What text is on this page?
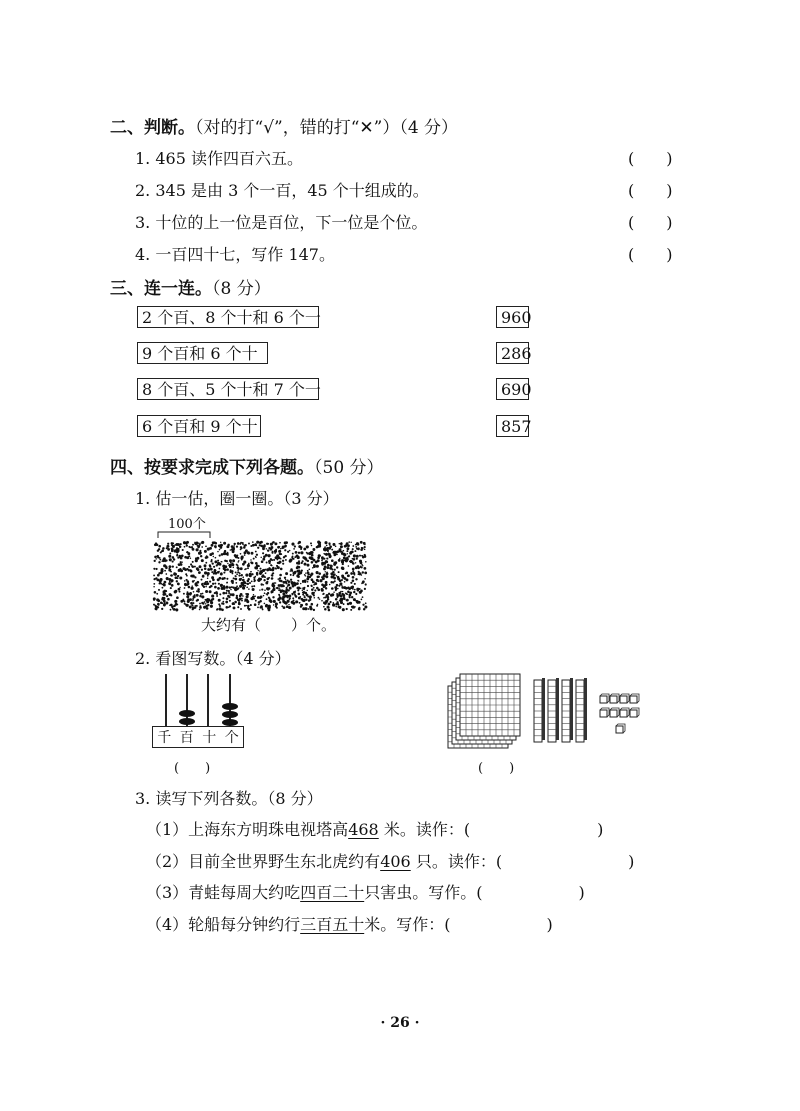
二、判断。（对的打“√”，错的打“✕”）（4 分）
1. 465 读作四百六五。	(　　)
2. 345 是由 3 个一百，45 个十组成的。	(　　)
3. 十位的上一位是百位，下一位是个位。	(　　)
4. 一百四十七，写作 147。	(　　)
三、连一连。（8 分）
2 个百、8 个十和 6 个一
9 个百和 6 个十
8 个百、5 个十和 7 个一
6 个百和 9 个十
960
286
690
857
四、按要求完成下列各题。（50 分）
1. 估一估，圈一圈。（3 分）
100个
大约有（　　）个。
2. 看图写数。（4 分）
千 百 十 个
(　　)	(　　)
3. 读写下列各数。（8 分）
（1）上海东方明珠电视塔高468 米。读作：(	)
（2）目前全世界野生东北虎约有406 只。读作：(	)
（3）青蛙每周大约吃四百二十只害虫。写作。(	)
（4）轮船每分钟约行三百五十米。写作：(	)
· 26 ·
